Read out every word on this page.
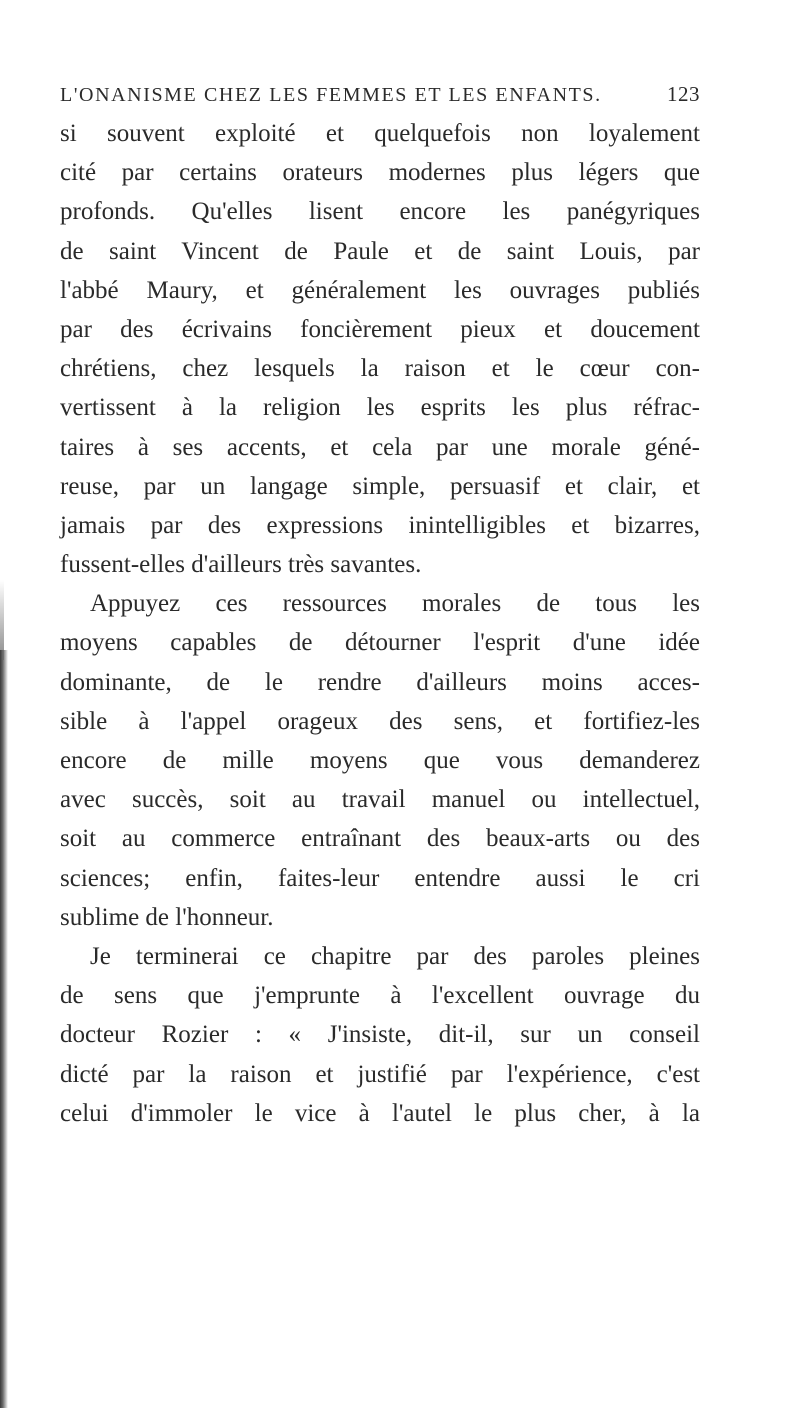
L'ONANISME CHEZ LES FEMMES ET LES ENFANTS.	123
si souvent exploité et quelquefois non loyalement
cité par certains orateurs modernes plus légers que
profonds. Qu'elles lisent encore les panégyriques
de saint Vincent de Paule et de saint Louis, par
l'abbé Maury, et généralement les ouvrages publiés
par des écrivains foncièrement pieux et doucement
chrétiens, chez lesquels la raison et le cœur con-
vertissent à la religion les esprits les plus réfrac-
taires à ses accents, et cela par une morale géné-
reuse, par un langage simple, persuasif et clair, et
jamais par des expressions inintelligibles et bizarres,
fussent-elles d'ailleurs très savantes.
Appuyez ces ressources morales de tous les
moyens capables de détourner l'esprit d'une idée
dominante, de le rendre d'ailleurs moins acces-
sible à l'appel orageux des sens, et fortifiez-les
encore de mille moyens que vous demanderez
avec succès, soit au travail manuel ou intellectuel,
soit au commerce entraînant des beaux-arts ou des
sciences; enfin, faites-leur entendre aussi le cri
sublime de l'honneur.
Je terminerai ce chapitre par des paroles pleines
de sens que j'emprunte à l'excellent ouvrage du
docteur Rozier : « J'insiste, dit-il, sur un conseil
dicté par la raison et justifié par l'expérience, c'est
celui d'immoler le vice à l'autel le plus cher, à la
